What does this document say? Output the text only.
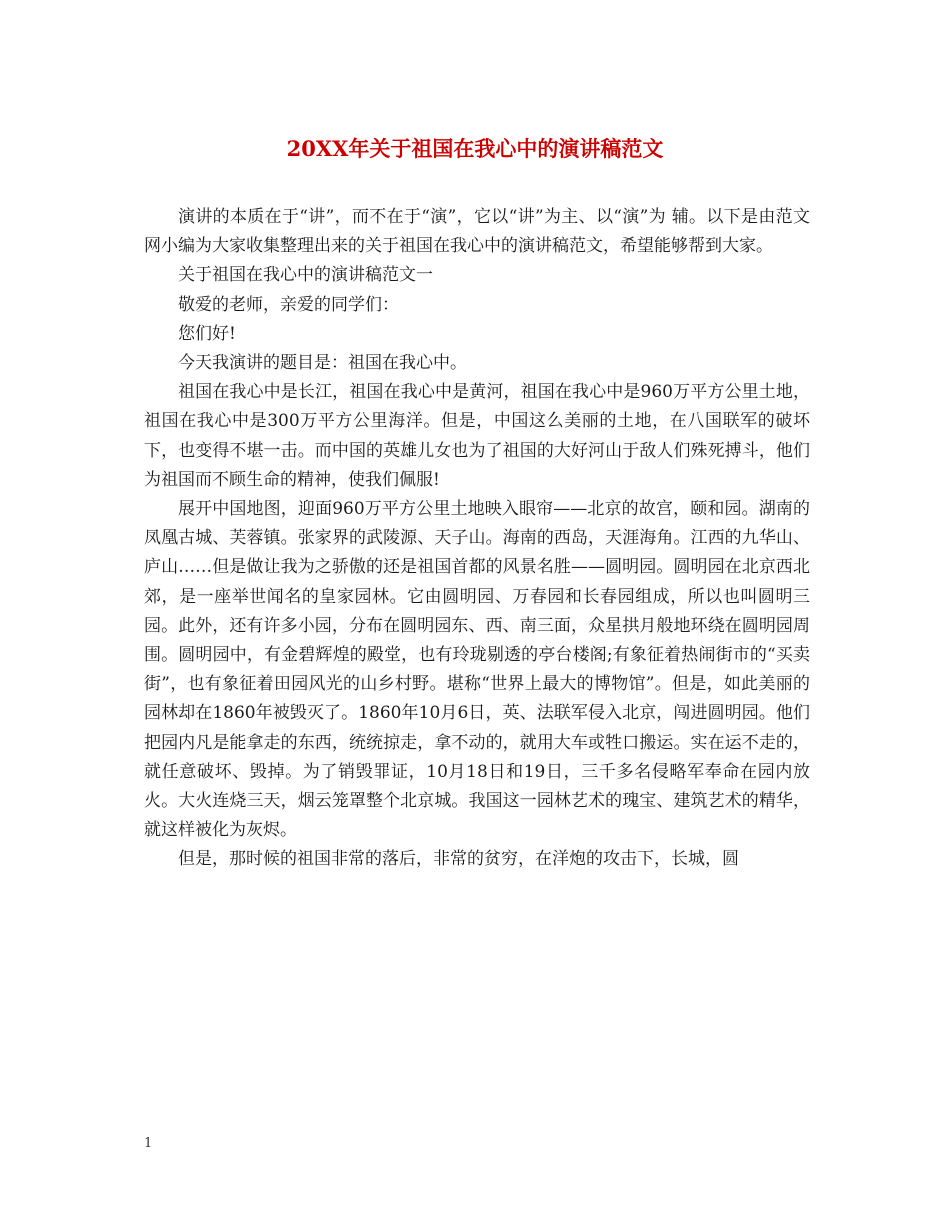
20XX年关于祖国在我心中的演讲稿范文

演讲的本质在于“讲”，而不在于“演”，它以“讲”为主、以“演”为 辅。以下是由范文网小编为大家收集整理出来的关于祖国在我心中的演讲稿范文，希望能够帮到大家。

关于祖国在我心中的演讲稿范文一

敬爱的老师，亲爱的同学们：

您们好!

今天我演讲的题目是：祖国在我心中。

祖国在我心中是长江，祖国在我心中是黄河，祖国在我心中是960万平方公里土地，祖国在我心中是300万平方公里海洋。但是，中国这么美丽的土地，在八国联军的破坏下，也变得不堪一击。而中国的英雄儿女也为了祖国的大好河山于敌人们殊死搏斗，他们为祖国而不顾生命的精神，使我们佩服!

展开中国地图，迎面960万平方公里土地映入眼帘——北京的故宫，颐和园。湖南的凤凰古城、芙蓉镇。张家界的武陵源、天子山。海南的西岛，天涯海角。江西的九华山、庐山……但是做让我为之骄傲的还是祖国首都的风景名胜——圆明园。圆明园在北京西北郊，是一座举世闻名的皇家园林。它由圆明园、万春园和长春园组成，所以也叫圆明三园。此外，还有许多小园，分布在圆明园东、西、南三面，众星拱月般地环绕在圆明园周围。圆明园中，有金碧辉煌的殿堂，也有玲珑剔透的亭台楼阁;有象征着热闹街市的“买卖街”，也有象征着田园风光的山乡村野。堪称“世界上最大的博物馆”。但是，如此美丽的园林却在1860年被毁灭了。1860年10月6日，英、法联军侵入北京，闯进圆明园。他们把园内凡是能拿走的东西，统统掠走，拿不动的，就用大车或牲口搬运。实在运不走的，就任意破坏、毁掉。为了销毁罪证，10月18日和19日，三千多名侵略军奉命在园内放火。大火连烧三天，烟云笼罩整个北京城。我国这一园林艺术的瑰宝、建筑艺术的精华，就这样被化为灰烬。

但是，那时候的祖国非常的落后，非常的贫穷，在洋炮的攻击下，长城，圆

1
